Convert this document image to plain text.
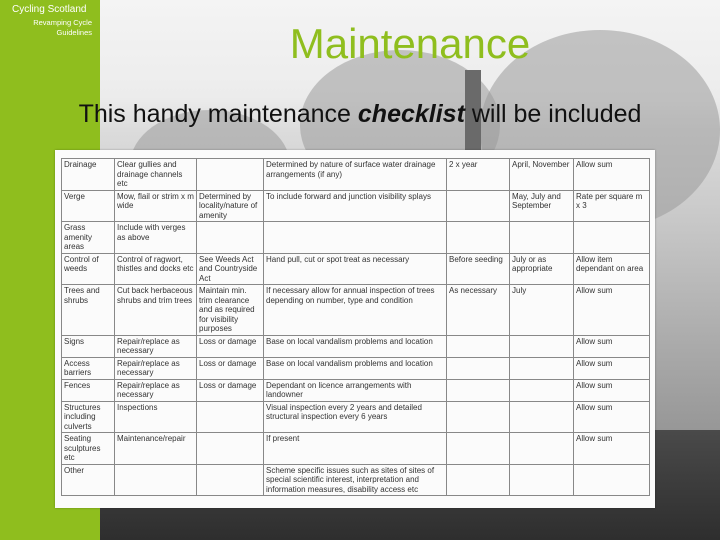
Cycling Scotland
Revamping Cycle
Guidelines	Maintenance
This handy maintenance checklist will be included
Drainage	Clear gullies and drainage channels etc		Determined by nature of surface water drainage arrangements (if any)	2 x year	April, November	Allow sum
Verge	Mow, flail or strim x m wide	Determined by locality/nature of amenity	To include forward and junction visibility splays		May, July and September	Rate per square m x 3
Grass amenity areas	Include with verges as above					
Control of weeds	Control of ragwort, thistles and docks etc	See Weeds Act and Countryside Act	Hand pull, cut or spot treat as necessary	Before seeding	July or as appropriate	Allow item dependant on area
Trees and shrubs	Cut back herbaceous shrubs and trim trees	Maintain min. trim clearance and as required for visibility purposes	If necessary allow for annual inspection of trees depending on number, type and condition	As necessary	July	Allow sum
Signs	Repair/replace as necessary	Loss or damage	Base on local vandalism problems and location			Allow sum
Access barriers	Repair/replace as necessary	Loss or damage	Base on local vandalism problems and location			Allow sum
Fences	Repair/replace as necessary	Loss or damage	Dependant on licence arrangements with landowner			Allow sum
Structures including culverts	Inspections		Visual inspection every 2 years and detailed structural inspection every 6 years			Allow sum
Seating sculptures etc	Maintenance/repair		If present			Allow sum
Other			Scheme specific issues such as sites of sites of special scientific interest, interpretation and information measures, disability access etc			
